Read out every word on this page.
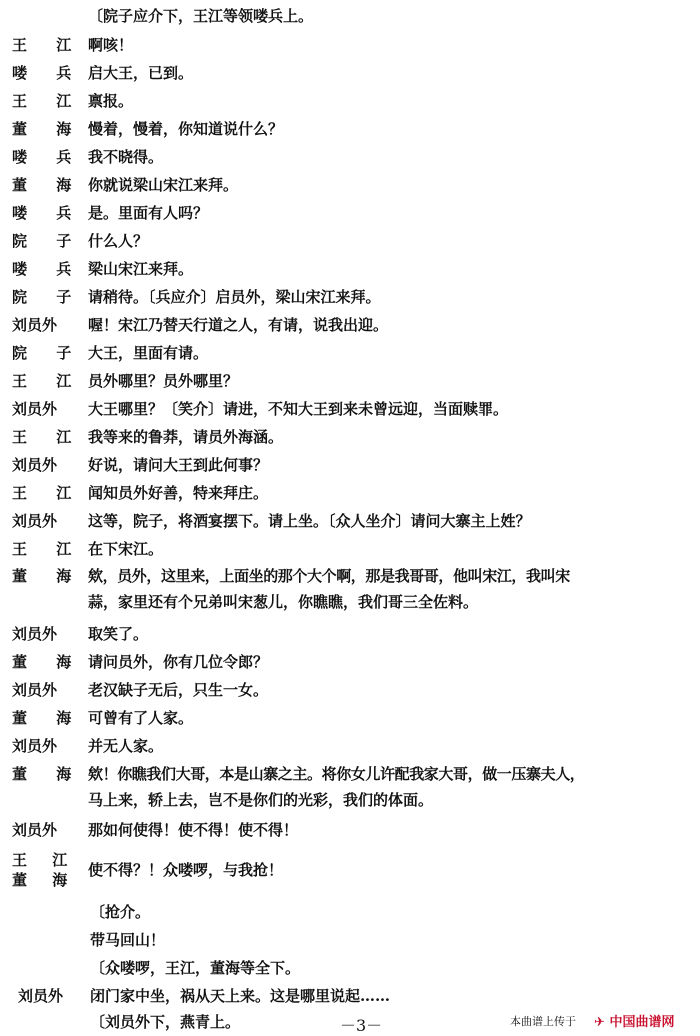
〔院子应介下，王江等领喽兵上。
王 江 啊咳！
喽 兵 启大王，已到。
王 江 禀报。
董 海 慢着，慢着，你知道说什么？
喽 兵 我不晓得。
董 海 你就说梁山宋江来拜。
喽 兵 是。里面有人吗？
院 子 什么人？
喽 兵 梁山宋江来拜。
院 子 请稍待。〔兵应介〕启员外，梁山宋江来拜。
刘员外 喔！宋江乃替天行道之人，有请，说我出迎。
院 子 大王，里面有请。
王 江 员外哪里？员外哪里？
刘员外 大王哪里？〔笑介〕请进，不知大王到来未曾远迎，当面赎罪。
王 江 我等来的鲁莽，请员外海涵。
刘员外 好说，请问大王到此何事？
王 江 闻知员外好善，特来拜庄。
刘员外 这等，院子，将酒宴摆下。请上坐。〔众人坐介〕请问大寨主上姓？
王 江 在下宋江。
董 海 欸，员外，这里来，上面坐的那个大个啊，那是我哥哥，他叫宋江，我叫宋
蒜，家里还有个兄弟叫宋葱儿，你瞧瞧，我们哥三全佐料。
刘员外 取笑了。
董 海 请问员外，你有几位令郎？
刘员外 老汉缺子无后，只生一女。
董 海 可曾有了人家。
刘员外 并无人家。
董 海 欸！你瞧我们大哥，本是山寨之主。将你女儿许配我家大哥，做一压寨夫人，
马上来，轿上去，岂不是你们的光彩，我们的体面。
刘员外 那如何使得！使不得！使不得！
王 江
董 海
使不得？！众喽啰，与我抢！
〔抢介。
带马回山！
〔众喽啰，王江，董海等全下。
刘员外 闭门家中坐，祸从天上来。这是哪里说起……
〔刘员外下，燕青上。	－3－	本曲谱上传于 ✈ 中国曲谱网
